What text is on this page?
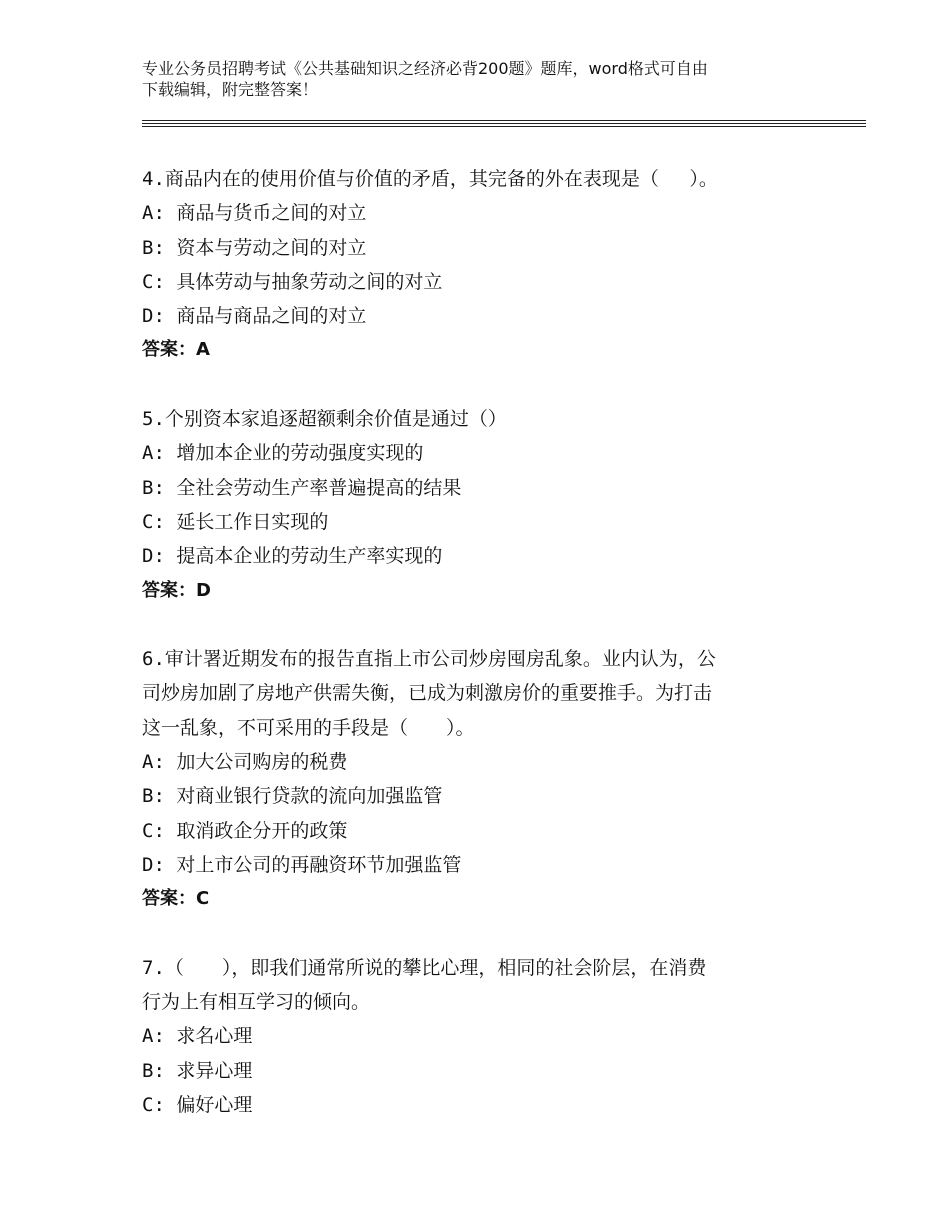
专业公务员招聘考试《公共基础知识之经济必背200题》题库，word格式可自由
下载编辑，附完整答案！
4.商品内在的使用价值与价值的矛盾，其完备的外在表现是（　 ）。
A: 商品与货币之间的对立
B: 资本与劳动之间的对立
C: 具体劳动与抽象劳动之间的对立
D: 商品与商品之间的对立
答案：A
5.个别资本家追逐超额剩余价值是通过（）
A: 增加本企业的劳动强度实现的
B: 全社会劳动生产率普遍提高的结果
C: 延长工作日实现的
D: 提高本企业的劳动生产率实现的
答案：D
6.审计署近期发布的报告直指上市公司炒房囤房乱象。业内认为，公
司炒房加剧了房地产供需失衡，已成为刺激房价的重要推手。为打击
这一乱象，不可采用的手段是（　　）。
A: 加大公司购房的税费
B: 对商业银行贷款的流向加强监管
C: 取消政企分开的政策
D: 对上市公司的再融资环节加强监管
答案：C
7.（　　），即我们通常所说的攀比心理，相同的社会阶层，在消费
行为上有相互学习的倾向。
A: 求名心理
B: 求异心理
C: 偏好心理
